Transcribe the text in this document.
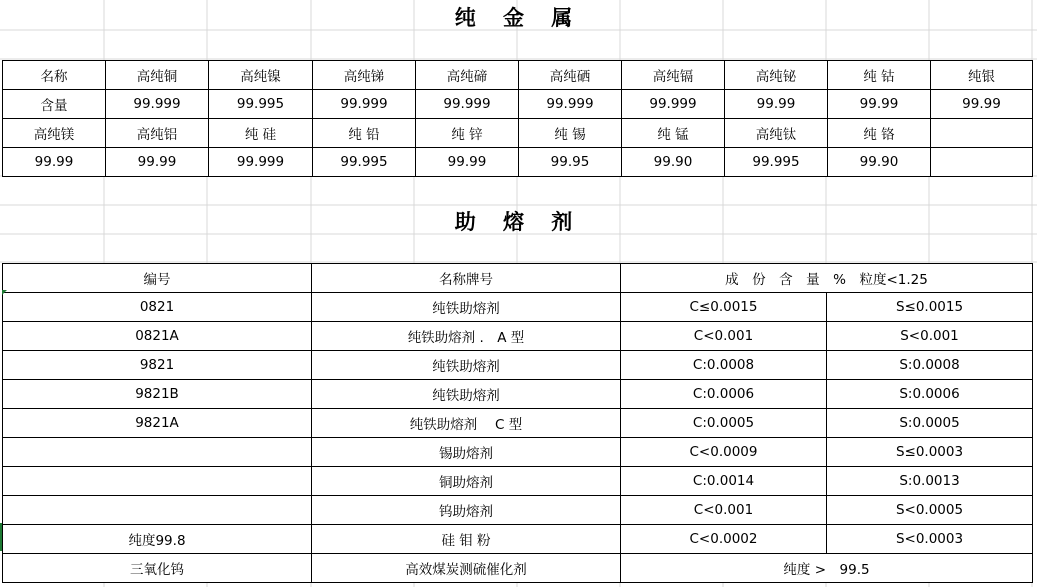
纯 金 属
名称	高纯铜	高纯镍	高纯锑	高纯碲	高纯硒	高纯镉	高纯铋	纯 钴	纯银
含量	99.999	99.995	99.999	99.999	99.999	99.999	99.99	99.99	99.99
高纯镁	高纯铝	纯 硅	纯 铅	纯 锌	纯 锡	纯 锰	高纯钛	纯 铬	
99.99	99.99	99.999	99.995	99.99	99.95	99.90	99.995	99.90	
助 熔 剂
编号	名称牌号	成　份　含　量　%　粒度<1.25	
0821	纯铁助熔剂	C≤0.0015	S≤0.0015
0821A	纯铁助熔剂 .　A 型	C<0.001	S<0.001
9821	纯铁助熔剂	C:0.0008	S:0.0008
9821B	纯铁助熔剂	C:0.0006	S:0.0006
9821A	纯铁助熔剂　 C 型	C:0.0005	S:0.0005
	锡助熔剂	C<0.0009	S≤0.0003
	铜助熔剂	C:0.0014	S:0.0013
	钨助熔剂	C<0.001	S<0.0005
纯度99.8	硅 钼 粉	C<0.0002	S<0.0003
三氧化钨	高效煤炭测硫催化剂	纯度 >　99.5	
